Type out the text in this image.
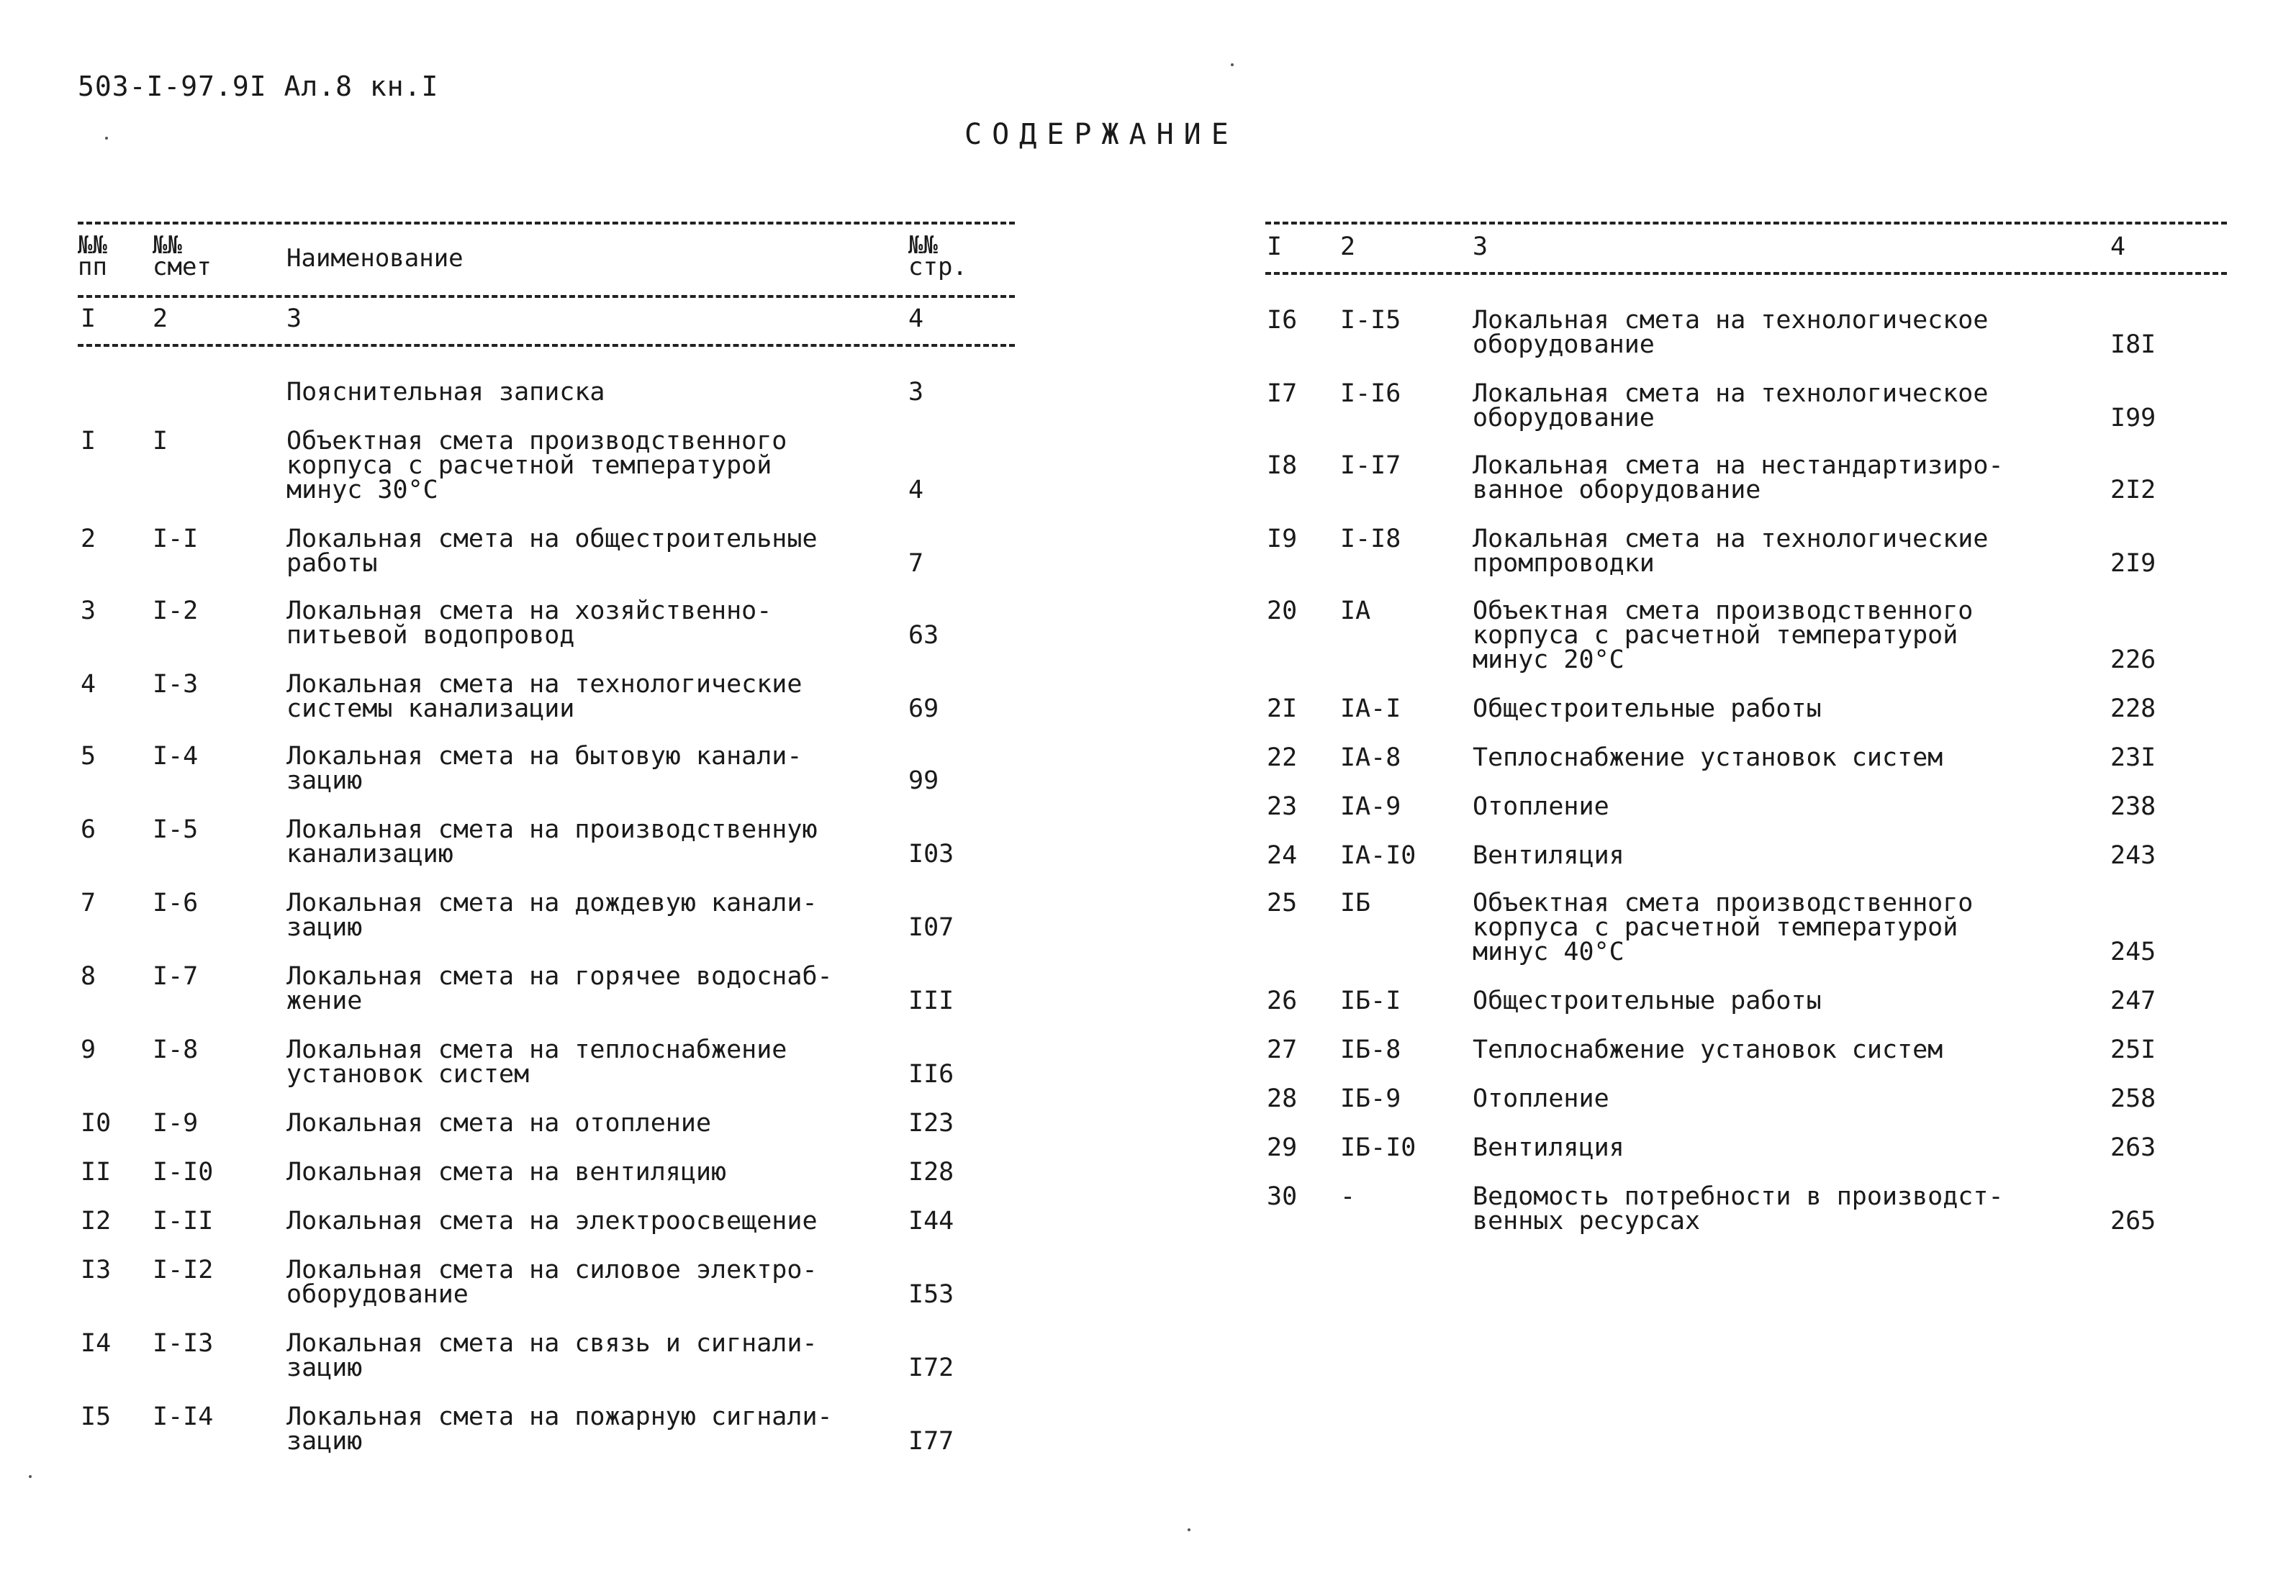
503-I-97.9I Ал.8 кн.I
СОДЕРЖАНИЕ
№№
пп
№№
смет	Наименование	№№
стр.
I 2	3	4
Пояснительная записка	3
I I	Объектная смета производственного
корпуса с расчетной температурой
минус 30°С	4
2 I-I	Локальная смета на общестроительные
работы	7
3 I-2	Локальная смета на хозяйственно-
питьевой водопровод	63
4 I-3	Локальная смета на технологические
системы канализации	69
5 I-4	Локальная смета на бытовую канали-
зацию	99
6 I-5	Локальная смета на производственную
канализацию	I03
7 I-6	Локальная смета на дождевую канали-
зацию	I07
8 I-7	Локальная смета на горячее водоснаб-
жение	III
9 I-8	Локальная смета на теплоснабжение
установок систем	II6
I0 I-9	Локальная смета на отопление	I23
II I-I0	Локальная смета на вентиляцию	I28
I2 I-II	Локальная смета на электроосвещение	I44
I3 I-I2	Локальная смета на силовое электро-
оборудование	I53
I4 I-I3	Локальная смета на связь и сигнали-
зацию	I72
I5 I-I4	Локальная смета на пожарную сигнали-
зацию	I77
I 2	3	4
I6 I-I5	Локальная смета на технологическое
оборудование	I8I
I7 I-I6	Локальная смета на технологическое
оборудование	I99
I8 I-I7	Локальная смета на нестандартизиро-
ванное оборудование	2I2
I9 I-I8	Локальная смета на технологические
промпроводки	2I9
20 IA	Объектная смета производственного
корпуса с расчетной температурой
минус 20°С	226
2I IA-I	Общестроительные работы	228
22 IA-8	Теплоснабжение установок систем	23I
23 IA-9	Отопление	238
24 IA-I0 Вентиляция	243
25 IБ	Объектная смета производственного
корпуса с расчетной температурой
минус 40°С	245
26 IБ-I	Общестроительные работы	247
27 IБ-8	Теплоснабжение установок систем	25I
28 IБ-9	Отопление	258
29 IБ-I0 Вентиляция	263
30 -	Ведомость потребности в производст-
венных ресурсах	265
